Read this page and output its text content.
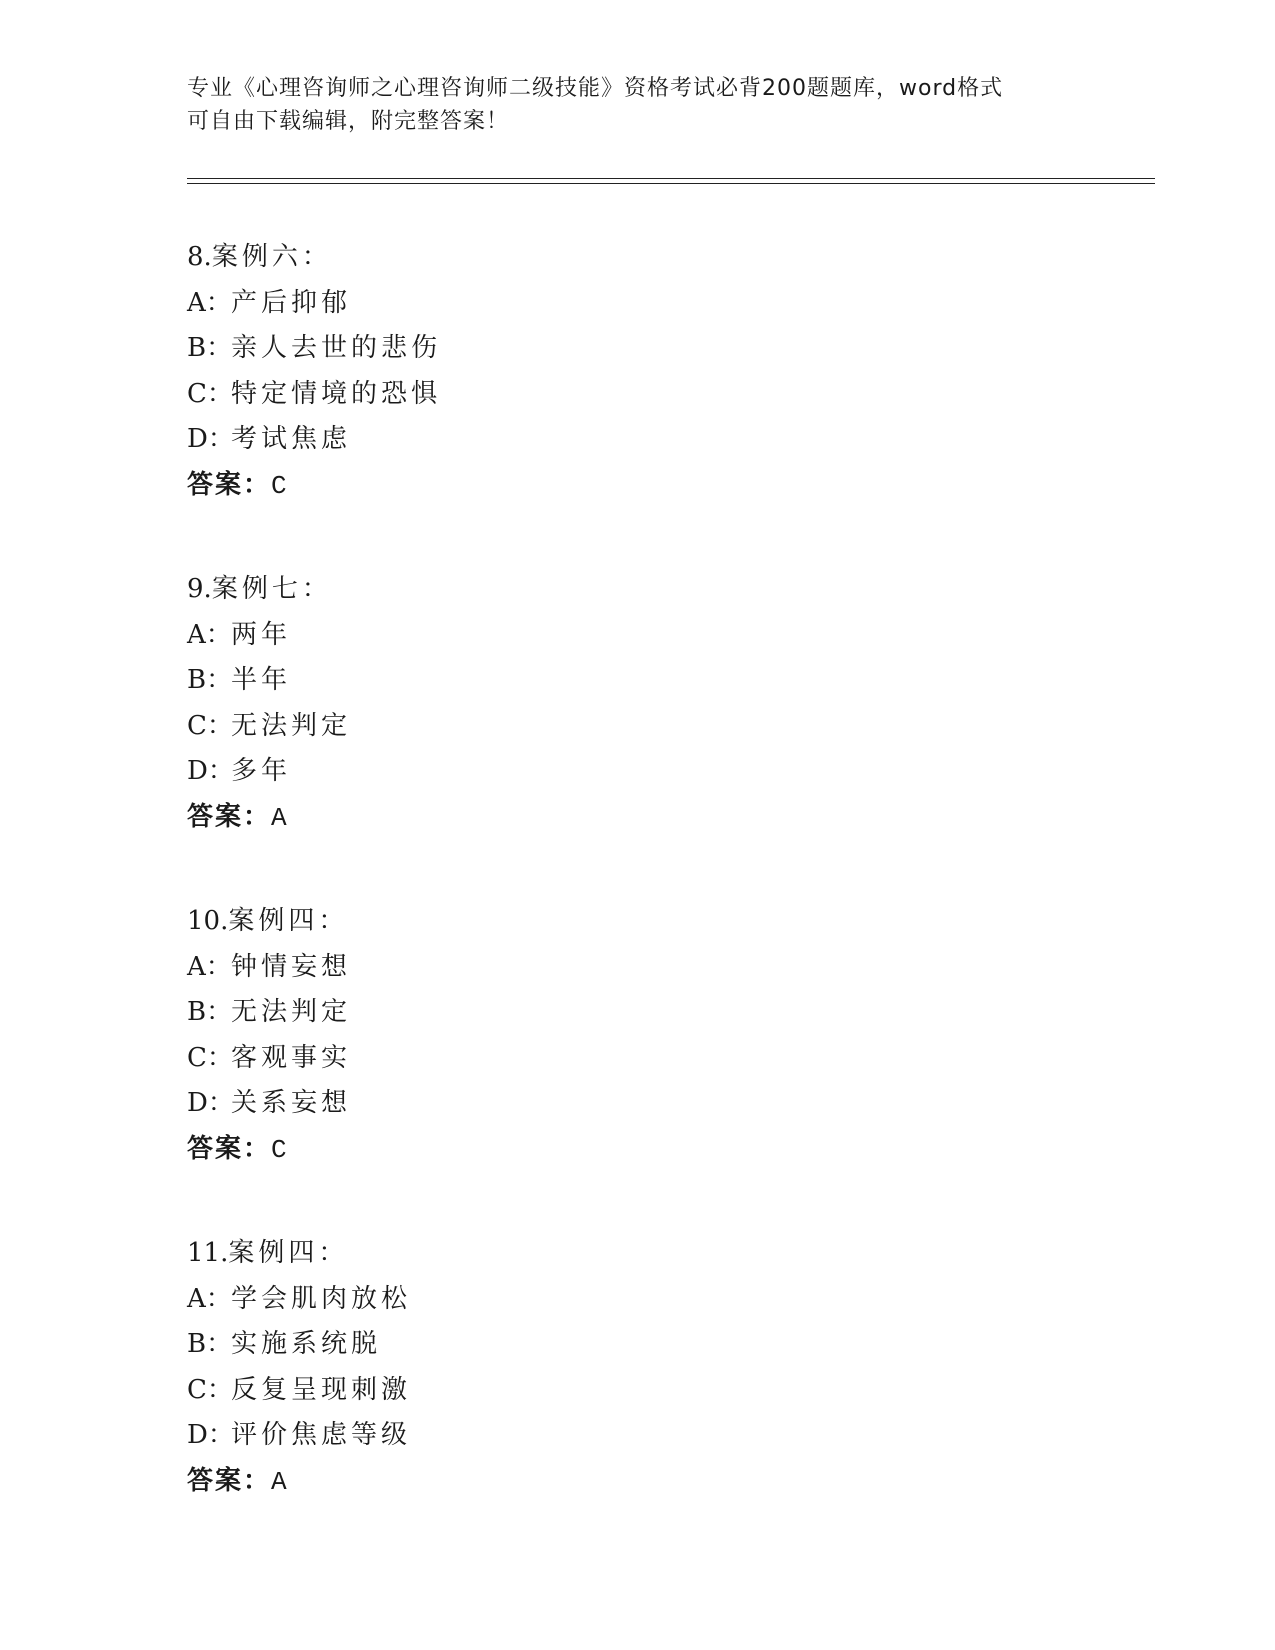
专业《心理咨询师之心理咨询师二级技能》资格考试必背200题题库，word格式
可自由下载编辑，附完整答案！
8.案例六：
A：产后抑郁
B：亲人去世的悲伤
C：特定情境的恐惧
D：考试焦虑
答案：C
9.案例七：
A：两年
B：半年
C：无法判定
D：多年
答案：A
10.案例四：
A：钟情妄想
B：无法判定
C：客观事实
D：关系妄想
答案：C
11.案例四：
A：学会肌肉放松
B：实施系统脱
C：反复呈现刺激
D：评价焦虑等级
答案：A
